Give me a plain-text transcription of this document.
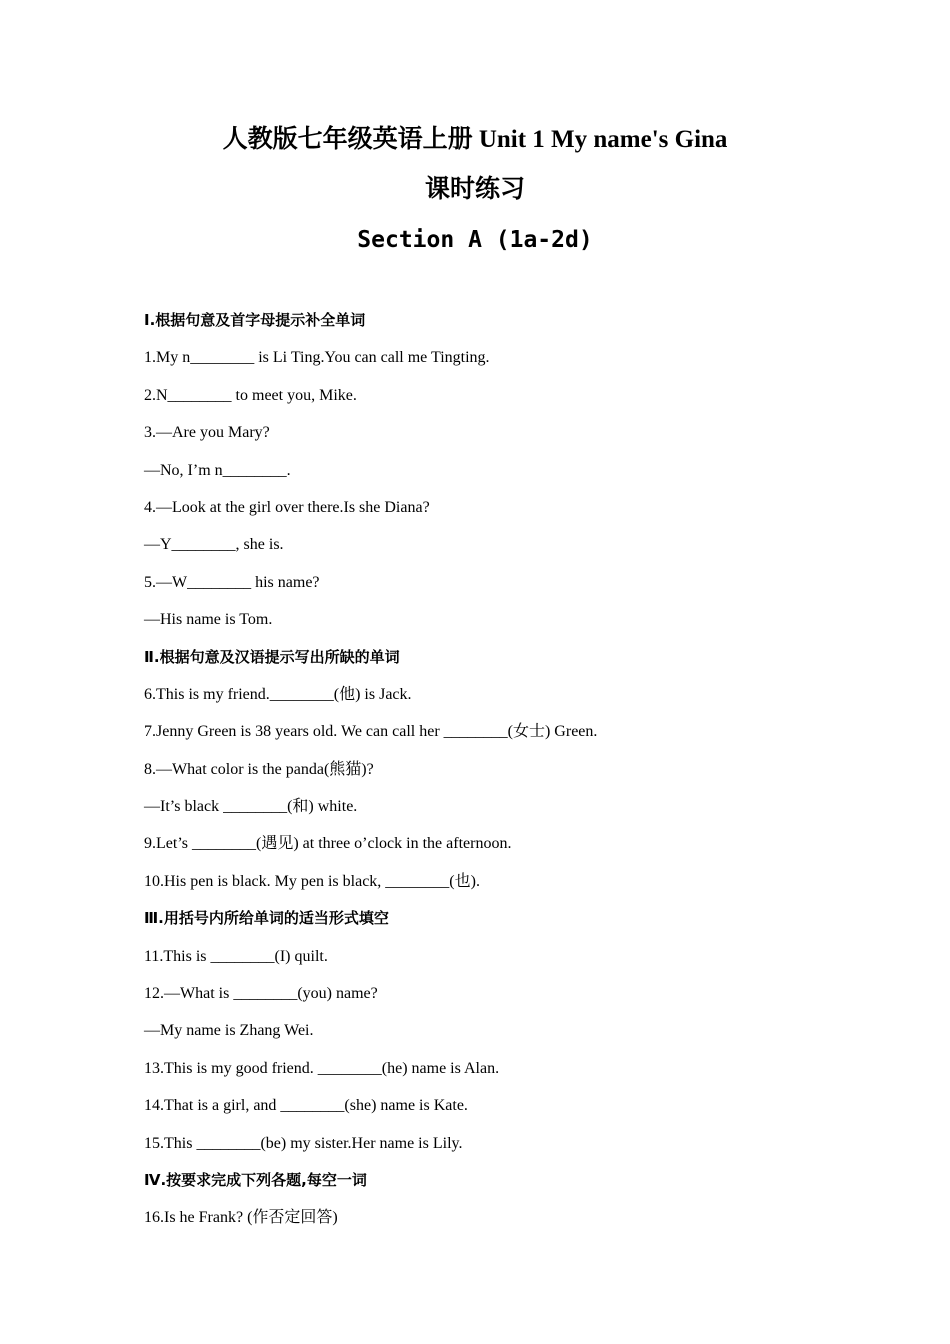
人教版七年级英语上册 Unit 1 My name's Gina
课时练习
Section A (1a-2d)
Ⅰ.根据句意及首字母提示补全单词
1.My n________ is Li Ting.You can call me Tingting.
2.N________ to meet you, Mike.
3.—Are you Mary?
—No, I’m n________.
4.—Look at the girl over there.Is she Diana?
—Y________, she is.
5.—W________ his name?
—His name is Tom.
Ⅱ.根据句意及汉语提示写出所缺的单词
6.This is my friend.________(他) is Jack.
7.Jenny Green is 38 years old. We can call her ________(女士) Green.
8.—What color is the panda(熊猫)?
—It’s black ________(和) white.
9.Let’s ________(遇见) at three o’clock in the afternoon.
10.His pen is black. My pen is black, ________(也).
Ⅲ.用括号内所给单词的适当形式填空
11.This is ________(I) quilt.
12.—What is ________(you) name?
—My name is Zhang Wei.
13.This is my good friend. ________(he) name is Alan.
14.That is a girl, and ________(she) name is Kate.
15.This ________(be) my sister.Her name is Lily.
Ⅳ.按要求完成下列各题,每空一词
16.Is he Frank? (作否定回答)
